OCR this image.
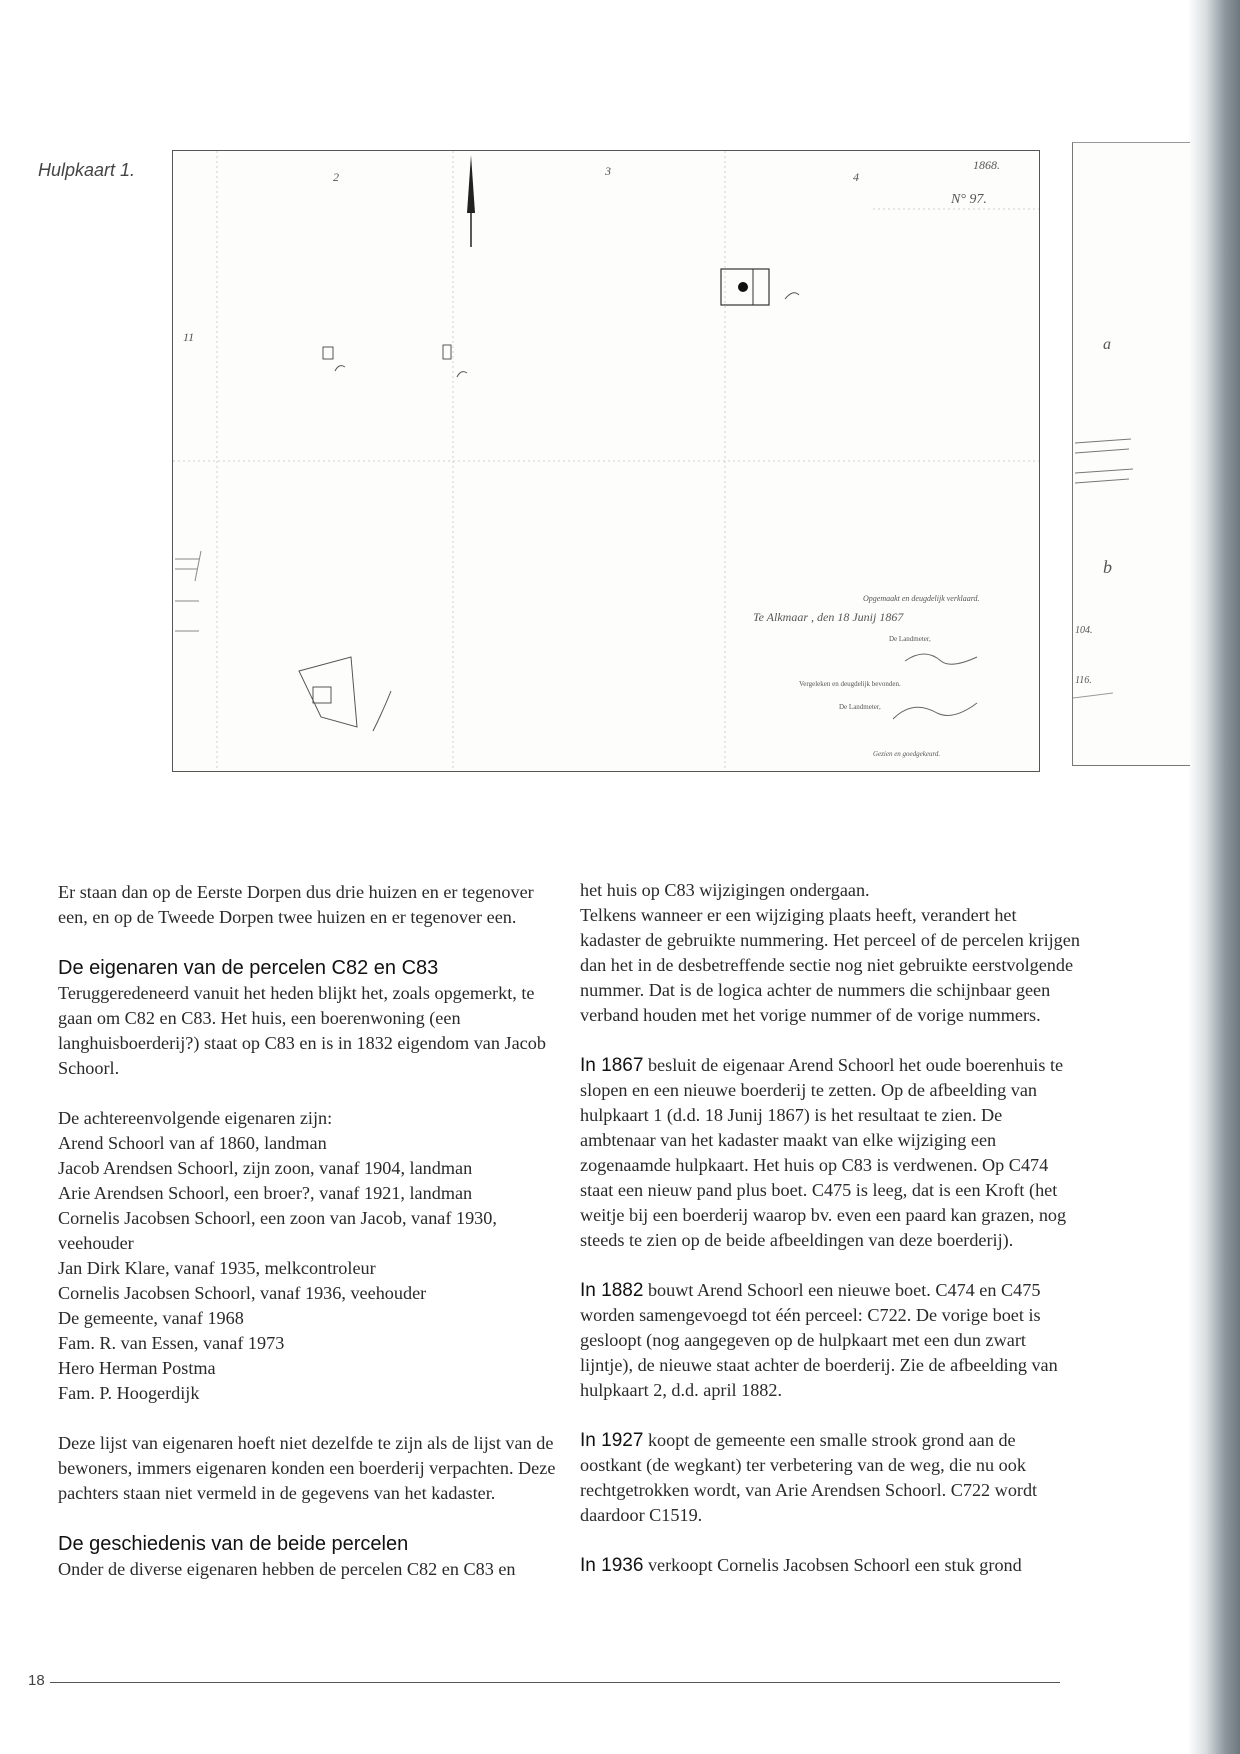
Hulpkaart 1.	2	3	4
1868.
N° 97.
11
Opgemaakt en deugdelijk verklaard.
Te Alkmaar , den 18 Junij 1867
De Landmeter,
Vergeleken en deugdelijk bevonden.
De Landmeter,
Gezien en goedgekeurd.
a
b
104.
116.

Er staan dan op de Eerste Dorpen dus drie huizen en er tegenover een, en op de Tweede Dorpen twee huizen en er tegenover een.

De eigenaren van de percelen C82 en C83

Teruggeredeneerd vanuit het heden blijkt het, zoals opgemerkt, te gaan om C82 en C83. Het huis, een boerenwoning (een langhuisboerderij?) staat op C83 en is in 1832 eigendom van Jacob Schoorl.

De achtereenvolgende eigenaren zijn:

Arend Schoorl van af 1860, landman
Jacob Arendsen Schoorl, zijn zoon, vanaf 1904, landman
Arie Arendsen Schoorl, een broer?, vanaf 1921, landman
Cornelis Jacobsen Schoorl, een zoon van Jacob, vanaf 1930, veehouder
Jan Dirk Klare, vanaf 1935, melkcontroleur
Cornelis Jacobsen Schoorl, vanaf 1936, veehouder
De gemeente, vanaf 1968
Fam. R. van Essen, vanaf 1973
Hero Herman Postma
Fam. P. Hoogerdijk

Deze lijst van eigenaren hoeft niet dezelfde te zijn als de lijst van de bewoners, immers eigenaren konden een boerderij verpachten. Deze pachters staan niet vermeld in de gegevens van het kadaster.

De geschiedenis van de beide percelen

Onder de diverse eigenaren hebben de percelen C82 en C83 en

het huis op C83 wijzigingen ondergaan.

Telkens wanneer er een wijziging plaats heeft, verandert het kadaster de gebruikte nummering. Het perceel of de percelen krijgen dan het in de desbetreffende sectie nog niet gebruikte eerstvolgende nummer. Dat is de logica achter de nummers die schijnbaar geen verband houden met het vorige nummer of de vorige nummers.

In 1867 besluit de eigenaar Arend Schoorl het oude boerenhuis te slopen en een nieuwe boerderij te zetten. Op de afbeelding van hulpkaart 1 (d.d. 18 Junij 1867) is het resultaat te zien. De ambtenaar van het kadaster maakt van elke wijziging een zogenaamde hulpkaart. Het huis op C83 is verdwenen. Op C474 staat een nieuw pand plus boet. C475 is leeg, dat is een Kroft (het weitje bij een boerderij waarop bv. even een paard kan grazen, nog steeds te zien op de beide afbeeldingen van deze boerderij).

In 1882 bouwt Arend Schoorl een nieuwe boet. C474 en C475 worden samengevoegd tot één perceel: C722. De vorige boet is gesloopt (nog aangegeven op de hulpkaart met een dun zwart lijntje), de nieuwe staat achter de boerderij. Zie de afbeelding van hulpkaart 2, d.d. april 1882.

In 1927 koopt de gemeente een smalle strook grond aan de oostkant (de wegkant) ter verbetering van de weg, die nu ook rechtgetrokken wordt, van Arie Arendsen Schoorl. C722 wordt daardoor C1519.

In 1936 verkoopt Cornelis Jacobsen Schoorl een stuk grond

18
